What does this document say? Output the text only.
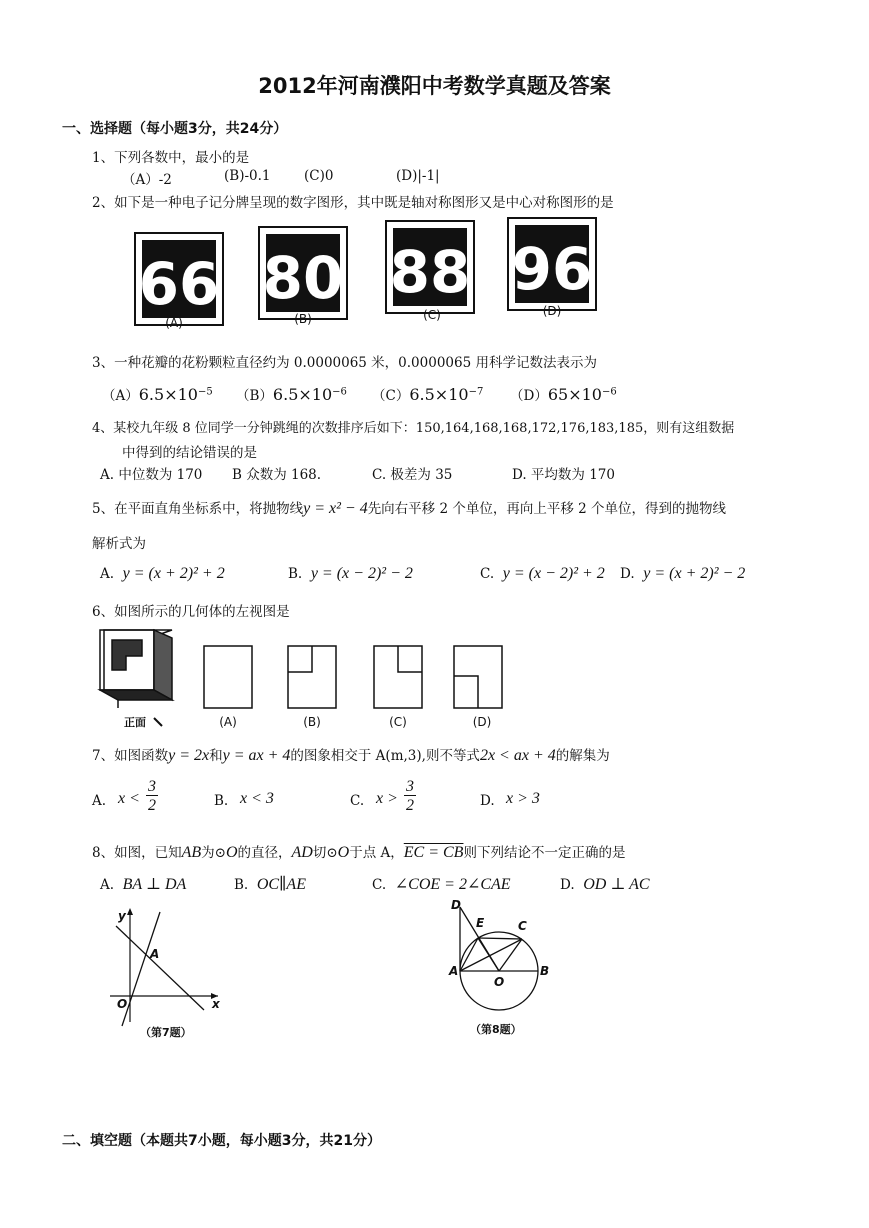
2012年河南濮阳中考数学真题及答案
一、选择题（每小题3分，共24分）
1、下列各数中，最小的是
（A）-2	(B)-0.1 (C)0	(D)|-1|
2、如下是一种电子记分牌呈现的数字图形，其中既是轴对称图形又是中心对称图形的是
66
(A)
80
(B)
88
(C)
96
(D)
3、一种花瓣的花粉颗粒直径约为 0.0000065 米，0.0000065 用科学记数法表示为
$(A)6.5\times 10^{-5}$ $(B)6.5\times 10^{-6}$ $(C)6.5\times 10^{-7}$ $(D)65\times 10^{-6}$
4、某校九年级 8 位同学一分钟跳绳的次数排序后如下：150,164,168,168,172,176,183,185，则有这组数据
中得到的结论错误的是
A. 中位数为 170 B 众数为 168.	C. 极差为 35	D. 平均数为 170
5、在平面直角坐标系中，将抛物线y = x² − 4先向右平移 2 个单位，再向上平移 2 个单位，得到的抛物线
解析式为
A. y = (x + 2)² + 2	B. y = (x − 2)² − 2	C. y = (x − 2)² + 2 D. y = (x + 2)² − 2
6、如图所示的几何体的左视图是
正面	(A)	(B)	(C)	(D)
7、如图函数y = 2x和y = ax + 4的图象相交于 A(m,3),则不等式2x < ax + 4的解集为
A. x <
3
2	B. x < 3	C. x >
3
2	D. x > 3
8、如图，已知AB为⊙O的直径，AD切⊙O于点 A，EC = CB则下列结论不一定正确的是
A. BA ⊥ DA	B. OC∥AE	C. ∠COE = 2∠CAE	D. OD ⊥ AC
y
x
A
O
（第7题）
D
E	C
A
O
B
（第8题）
二、填空题（本题共7小题，每小题3分，共21分）
